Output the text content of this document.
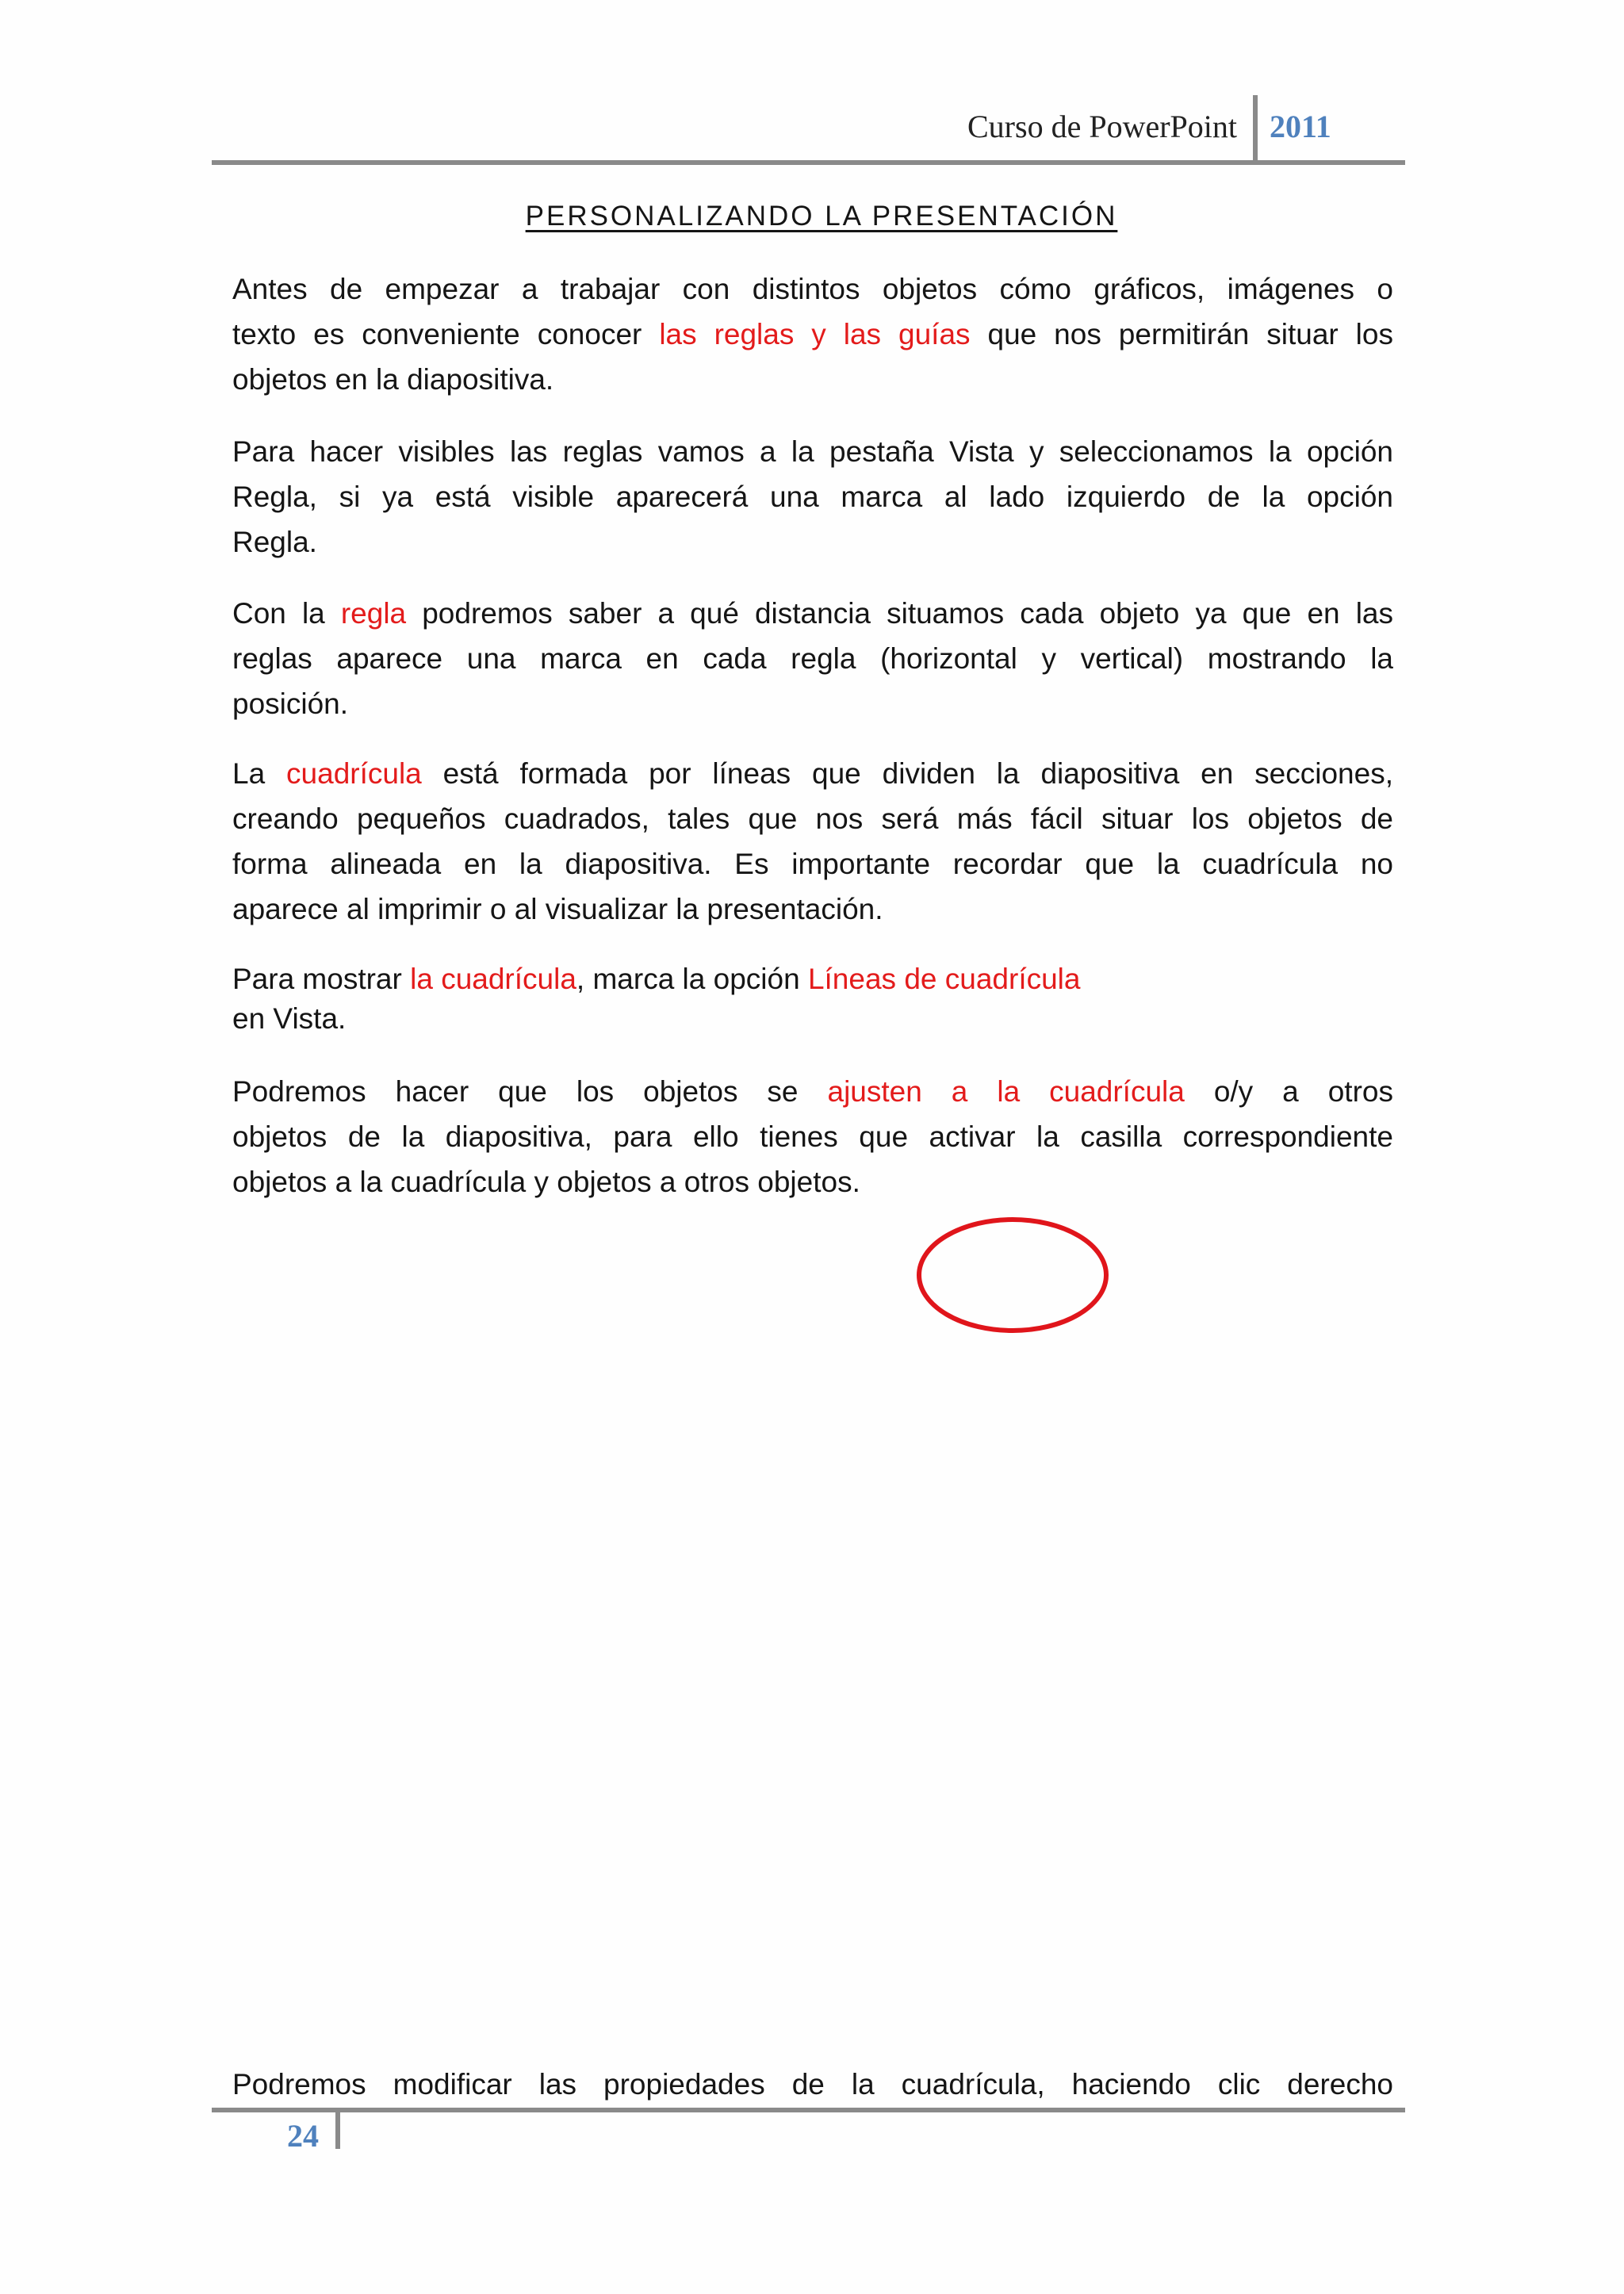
Curso de PowerPoint 2011
PERSONALIZANDO LA PRESENTACIÓN
Antes de empezar a trabajar con distintos objetos cómo gráficos, imágenes o
texto es conveniente conocer las reglas y las guías que nos permitirán situar los
objetos en la diapositiva.
Para hacer visibles las reglas vamos a la pestaña Vista y seleccionamos la opción
Regla, si ya está visible aparecerá una marca al lado izquierdo de la opción
Regla.
Con la regla podremos saber a qué distancia situamos cada objeto ya que en las
reglas aparece una marca en cada regla (horizontal y vertical) mostrando la
posición.
La cuadrícula está formada por líneas que dividen la diapositiva en secciones,
creando pequeños cuadrados, tales que nos será más fácil situar los objetos de
forma alineada en la diapositiva. Es importante recordar que la cuadrícula no
aparece al imprimir o al visualizar la presentación.
Para mostrar la cuadrícula, marca la opción Líneas de cuadrícula
en Vista.
Podremos hacer que los objetos se ajusten a la cuadrícula o/y a otros
objetos de la diapositiva, para ello tienes que activar la casilla correspondiente
objetos a la cuadrícula y objetos a otros objetos.
Podremos modificar las propiedades de la cuadrícula, haciendo clic derecho
24
